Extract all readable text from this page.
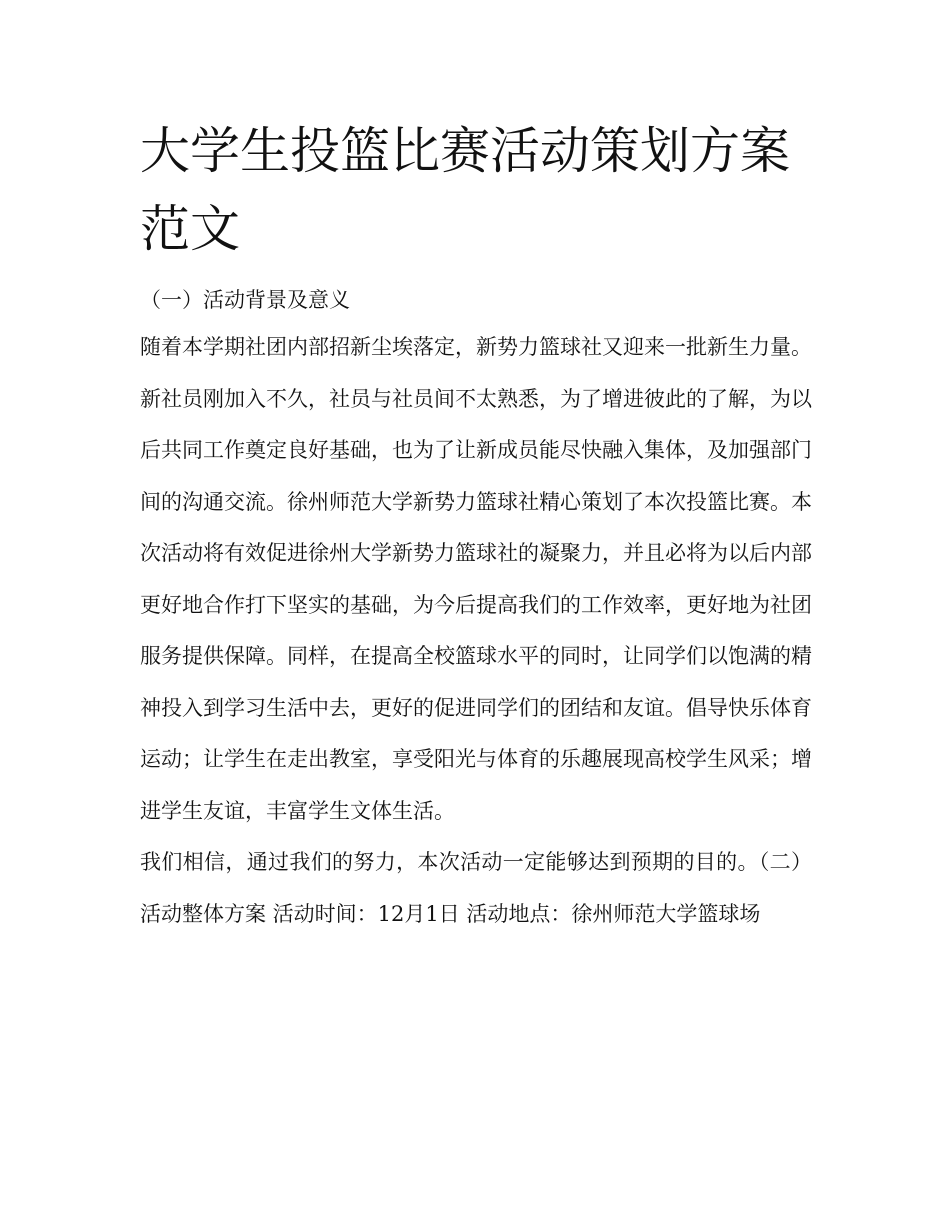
大学生投篮比赛活动策划方案范文
（一）活动背景及意义

随着本学期社团内部招新尘埃落定，新势力篮球社又迎来一批新生力量。新社员刚加入不久，社员与社员间不太熟悉，为了增进彼此的了解，为以后共同工作奠定良好基础，也为了让新成员能尽快融入集体，及加强部门间的沟通交流。徐州师范大学新势力篮球社精心策划了本次投篮比赛。本次活动将有效促进徐州大学新势力篮球社的凝聚力，并且必将为以后内部更好地合作打下坚实的基础，为今后提高我们的工作效率，更好地为社团服务提供保障。同样，在提高全校篮球水平的同时，让同学们以饱满的精神投入到学习生活中去，更好的促进同学们的团结和友谊。倡导快乐体育运动；让学生在走出教室，享受阳光与体育的乐趣展现高校学生风采；增进学生友谊，丰富学生文体生活。

我们相信，通过我们的努力，本次活动一定能够达到预期的目的。（二） 活动整体方案 活动时间：12月1日 活动地点：徐州师范大学篮球场
